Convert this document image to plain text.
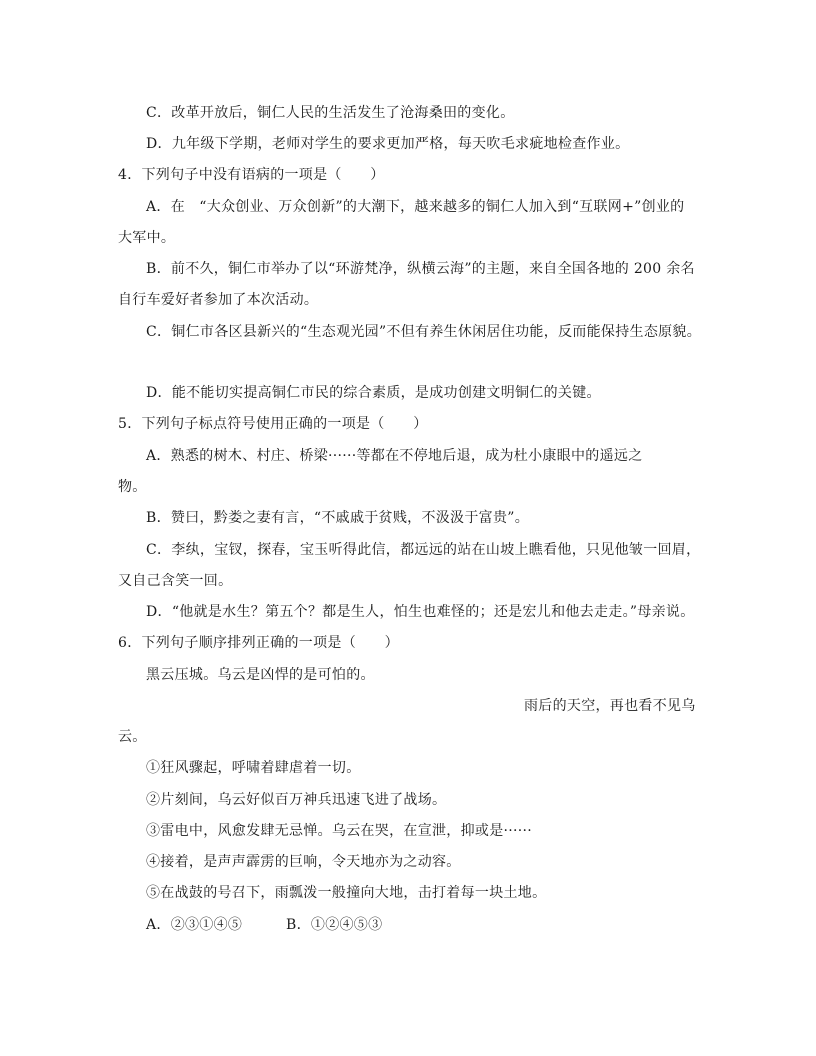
C．改革开放后，铜仁人民的生活发生了沧海桑田的变化。
D．九年级下学期，老师对学生的要求更加严格，每天吹毛求疵地检查作业。
4．下列句子中没有语病的一项是（　　）
A．在　“大众创业、万众创新”的大潮下，越来越多的铜仁人加入到“互联网+”创业的
大军中。
B．前不久，铜仁市举办了以“环游梵净，纵横云海”的主题，来自全国各地的 200 余名
自行车爱好者参加了本次活动。
C．铜仁市各区县新兴的“生态观光园”不但有养生休闲居住功能，反而能保持生态原貌。
D．能不能切实提高铜仁市民的综合素质，是成功创建文明铜仁的关键。
5．下列句子标点符号使用正确的一项是（　　）
A．熟悉的树木、村庄、桥梁······等都在不停地后退，成为杜小康眼中的遥远之
物。
B．赞曰，黔娄之妻有言，“不戚戚于贫贱，不汲汲于富贵”。
C．李纨，宝钗，探春，宝玉听得此信，都远远的站在山坡上瞧看他，只见他皱一回眉，
又自己含笑一回。
D．“他就是水生？第五个？都是生人，怕生也难怪的；还是宏儿和他去走走。”母亲说。
6．下列句子顺序排列正确的一项是（　　）
黑云压城。乌云是凶悍的是可怕的。
雨后的天空，再也看不见乌
云。
①狂风骤起，呼啸着肆虐着一切。
②片刻间，乌云好似百万神兵迅速飞进了战场。
③雷电中，风愈发肆无忌惮。乌云在哭，在宣泄，抑或是······
④接着，是声声霹雳的巨响，令天地亦为之动容。
⑤在战鼓的号召下，雨瓢泼一般撞向大地，击打着每一块土地。
A．②③①④⑤	B．①②④⑤③
